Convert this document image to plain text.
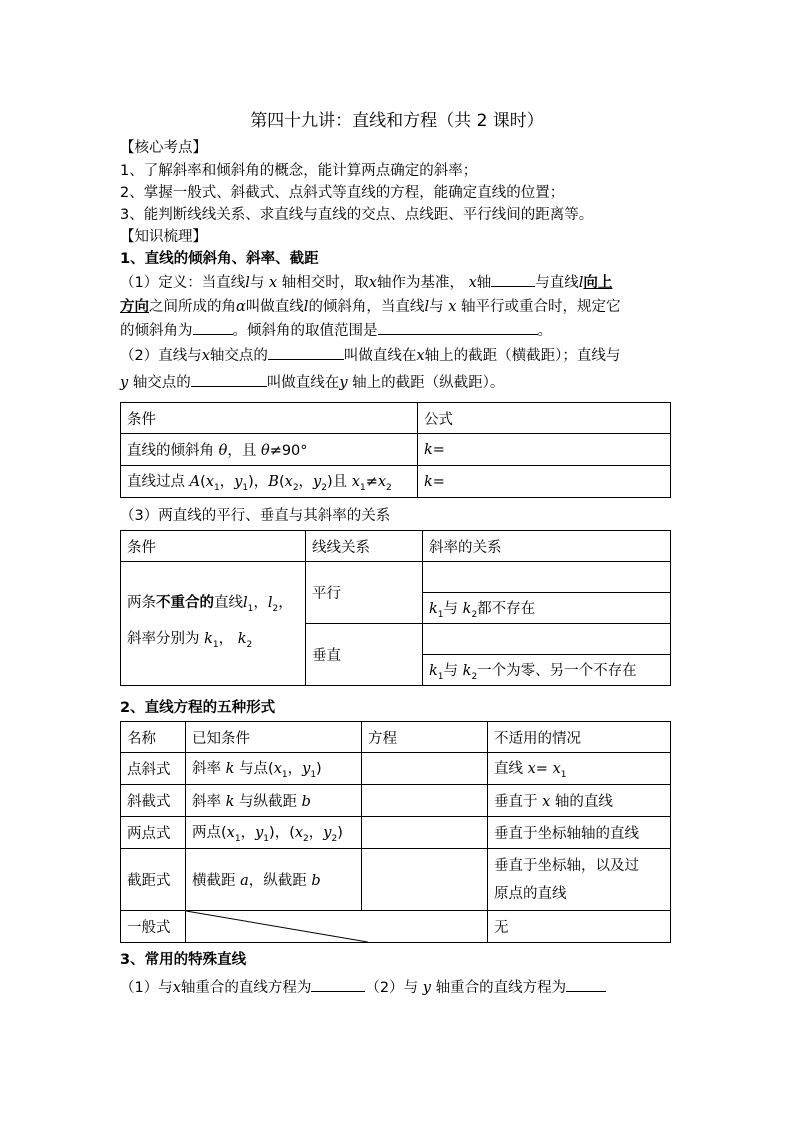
第四十九讲：直线和方程（共 2 课时）
【核心考点】
1、了解斜率和倾斜角的概念，能计算两点确定的斜率；
2、掌握一般式、斜截式、点斜式等直线的方程，能确定直线的位置；
3、能判断线线关系、求直线与直线的交点、点线距、平行线间的距离等。
【知识梳理】
1、直线的倾斜角、斜率、截距
（1）定义：当直线l与 x 轴相交时，取x轴作为基准， x轴	与直线l向上
方向之间所成的角α叫做直线l的倾斜角，当直线l与 x 轴平行或重合时，规定它
的倾斜角为	。倾斜角的取值范围是	。
（2）直线与x轴交点的	叫做直线在x轴上的截距（横截距）；直线与
y 轴交点的	叫做直线在y 轴上的截距（纵截距）。
条件	公式
直线的倾斜角 θ，且 θ≠90°	k=
直线过点 $A(x_1$，$y_1$)，$B(x_2$，$y_2$)且 $x_1\ne x_2$	k=
（3）两直线的平行、垂直与其斜率的关系
条件	线线关系	斜率的关系
两条不重合的直线$l_1$，$l_2$，
斜率分别为 $k_1$， $k_2$	平行	
		$k_1$与 $k_2$都不存在
	垂直	
		$k_1$与 $k_2$一个为零、另一个不存在
2、直线方程的五种形式
名称	已知条件	方程	不适用的情况
点斜式	斜率 k 与点($x_1$，$y_1$)		直线 $x= x_1$
斜截式	斜率 k 与纵截距 b		垂直于 x 轴的直线
两点式	两点($x_1$，$y_1$)，($x_2$，$y_2$)		垂直于坐标轴轴的直线
截距式	横截距 a，纵截距 b		垂直于坐标轴，以及过
原点的直线
一般式			无
3、常用的特殊直线
（1）与x轴重合的直线方程为	（2）与 y 轴重合的直线方程为
